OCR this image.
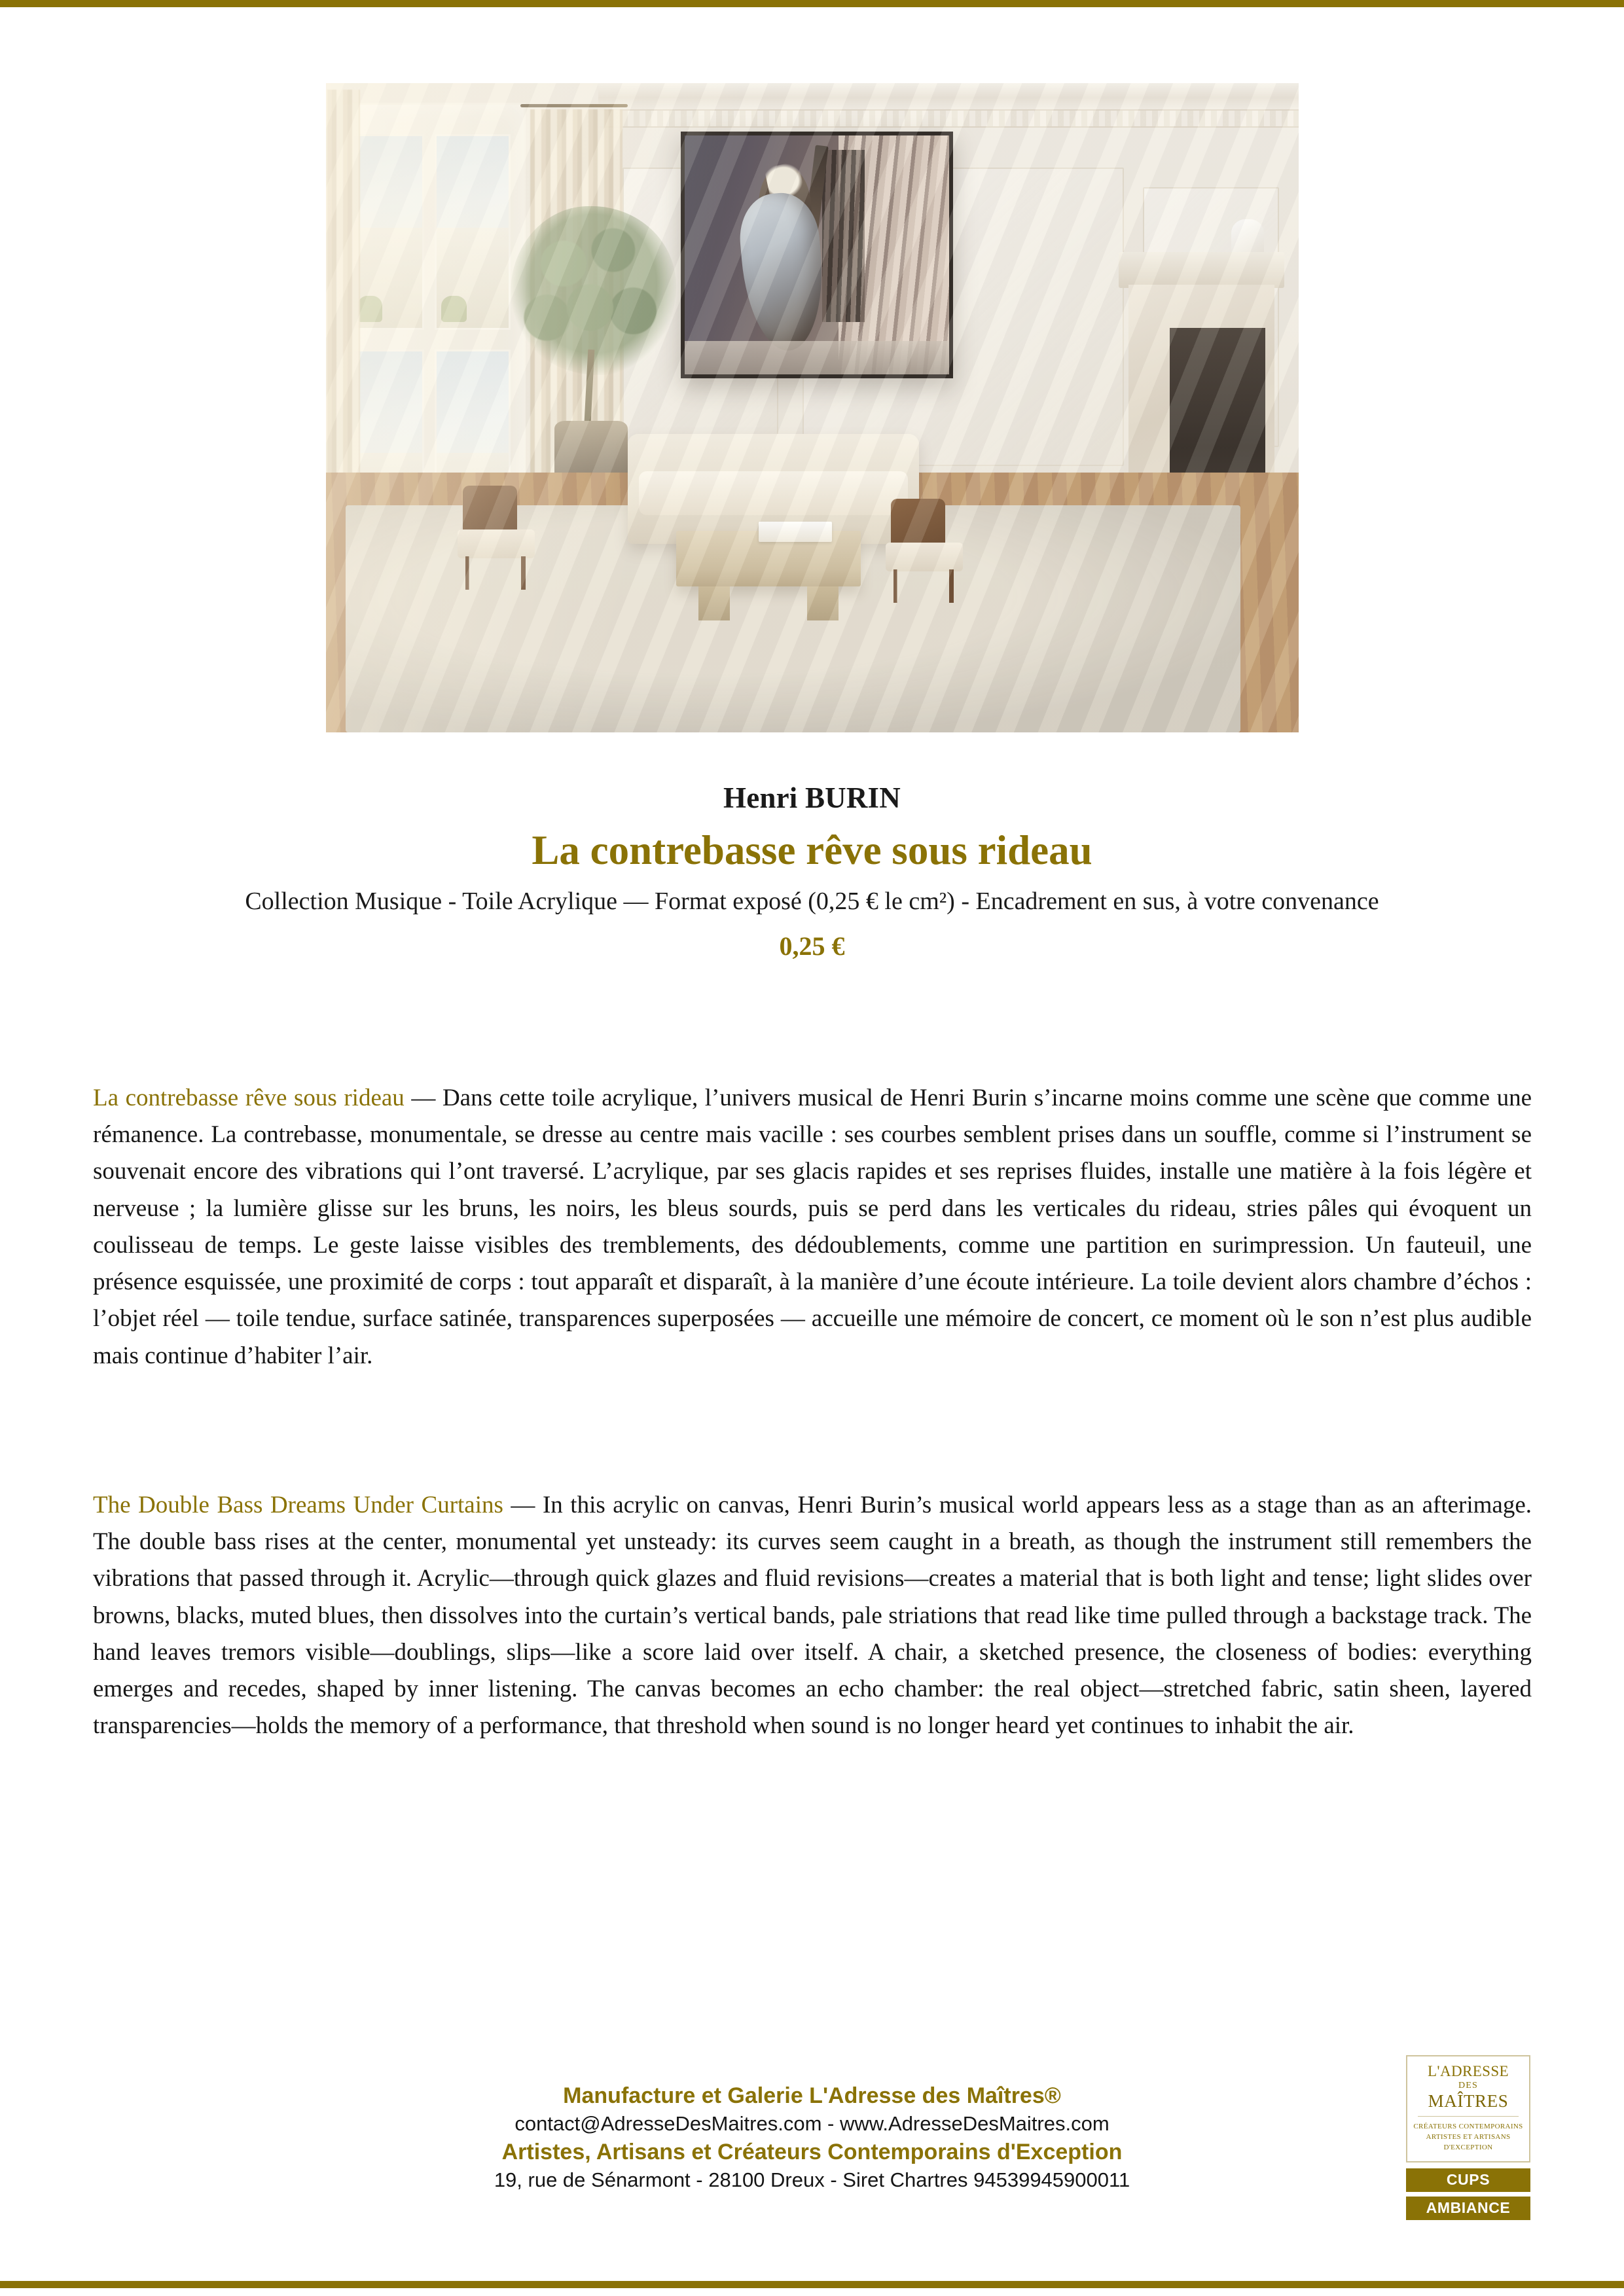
Henri BURIN
La contrebasse rêve sous rideau
Collection Musique - Toile Acrylique — Format exposé (0,25 € le cm²) - Encadrement en sus, à votre convenance
0,25 €

La contrebasse rêve sous rideau — Dans cette toile acrylique, l’univers musical de Henri Burin s’incarne moins comme une scène que comme une rémanence. La contrebasse, monumentale, se dresse au centre mais vacille : ses courbes semblent prises dans un souffle, comme si l’instrument se souvenait encore des vibrations qui l’ont traversé. L’acrylique, par ses glacis rapides et ses reprises fluides, installe une matière à la fois légère et nerveuse ; la lumière glisse sur les bruns, les noirs, les bleus sourds, puis se perd dans les verticales du rideau, stries pâles qui évoquent un coulisseau de temps. Le geste laisse visibles des tremblements, des dédoublements, comme une partition en surimpression. Un fauteuil, une présence esquissée, une proximité de corps : tout apparaît et disparaît, à la manière d’une écoute intérieure. La toile devient alors chambre d’échos : l’objet réel — toile tendue, surface satinée, transparences superposées — accueille une mémoire de concert, ce moment où le son n’est plus audible mais continue d’habiter l’air.

The Double Bass Dreams Under Curtains — In this acrylic on canvas, Henri Burin’s musical world appears less as a stage than as an afterimage. The double bass rises at the center, monumental yet unsteady: its curves seem caught in a breath, as though the instrument still remembers the vibrations that passed through it. Acrylic—through quick glazes and fluid revisions—creates a material that is both light and tense; light slides over browns, blacks, muted blues, then dissolves into the curtain’s vertical bands, pale striations that read like time pulled through a backstage track. The hand leaves tremors visible—doublings, slips—like a score laid over itself. A chair, a sketched presence, the closeness of bodies: everything emerges and recedes, shaped by inner listening. The canvas becomes an echo chamber: the real object—stretched fabric, satin sheen, layered transparencies—holds the memory of a performance, that threshold when sound is no longer heard yet continues to inhabit the air.

Manufacture et Galerie L'Adresse des Maîtres®
contact@AdresseDesMaitres.com - www.AdresseDesMaitres.com
Artistes, Artisans et Créateurs Contemporains d'Exception
19, rue de Sénarmont - 28100 Dreux - Siret Chartres 94539945900011
L'ADRESSE
DES
MAÎTRES
CRÉATEURS CONTEMPORAINS
ARTISTES ET ARTISANS
D'EXCEPTION
CUPS
AMBIANCE
